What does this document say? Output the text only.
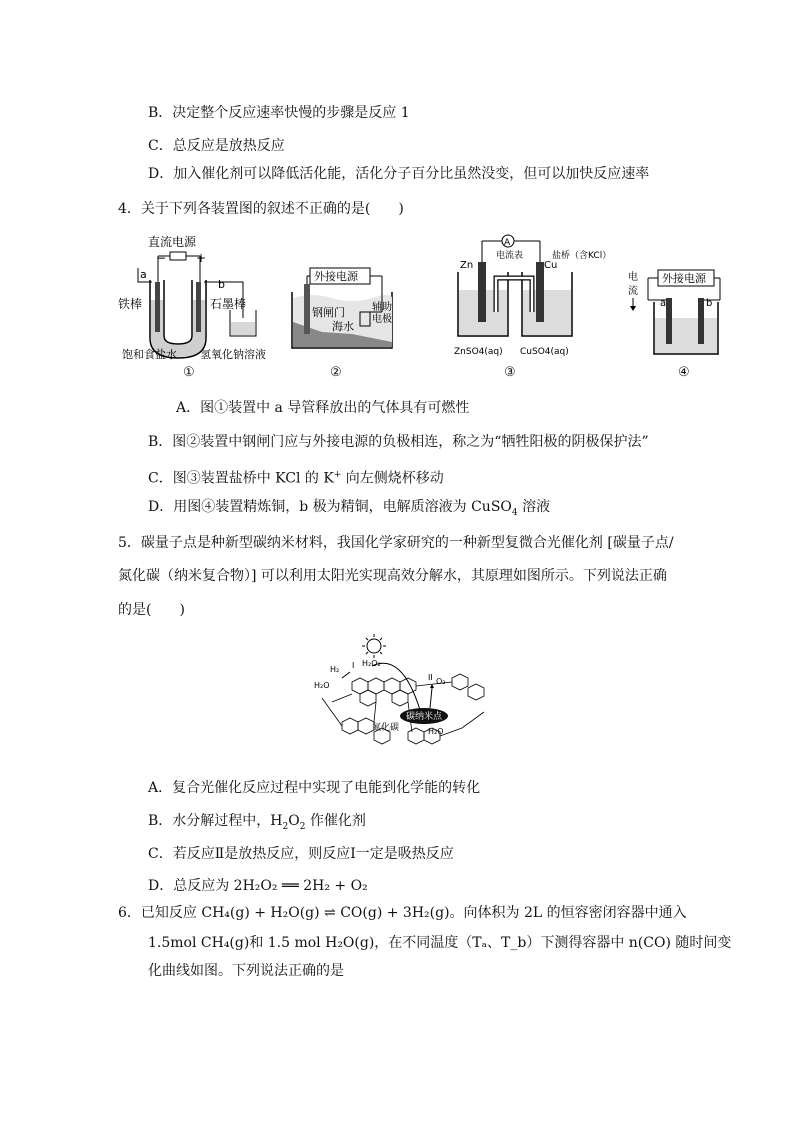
B．决定整个反应速率快慢的步骤是反应 1
C．总反应是放热反应
D．加入催化剂可以降低活化能，活化分子百分比虽然没变，但可以加快反应速率
4．关于下列各装置图的叙述不正确的是(　　)
直流电源
− +
a
b
铁棒	石墨棒
饱和食盐水 氢氧化钠溶液
①
外接电源
钢闸门
海水
辅助
电极
②
A
电流表	盐桥（含KCl）
Zn	Cu
ZnSO4(aq) CuSO4(aq)
③
电
流
外接电源
a	b
④
A．图①装置中 a 导管释放出的气体具有可燃性
B．图②装置中钢闸门应与外接电源的负极相连，称之为“牺牲阳极的阴极保护法”
C．图③装置盐桥中 KCl 的 K+ 向左侧烧杯移动
D．用图④装置精炼铜，b 极为精铜，电解质溶液为 CuSO$_4$ 溶液
5．碳量子点是种新型碳纳米材料，我国化学家研究的一种新型复微合光催化剂 [碳量子点/
氮化碳（纳米复合物）] 可以利用太阳光实现高效分解水，其原理如图所示。下列说法正确
的是(　　)
碳纳米点
H₂ I H₂O₂
H₂O
II O₂
氮化碳	H₂O
A．复合光催化反应过程中实现了电能到化学能的转化
B．水分解过程中，$H_2O_2$ 作催化剂
C．若反应Ⅱ是放热反应，则反应Ⅰ一定是吸热反应
D．总反应为 2H₂O₂ ══ 2H₂ + O₂
6．已知反应 CH₄(g) + H₂O(g) ⇌ CO(g) + 3H₂(g)。向体积为 2L 的恒容密闭容器中通入
1.5mol CH₄(g)和 1.5 mol H₂O(g)，在不同温度（Tₐ、T_b）下测得容器中 n(CO) 随时间变
化曲线如图。下列说法正确的是
